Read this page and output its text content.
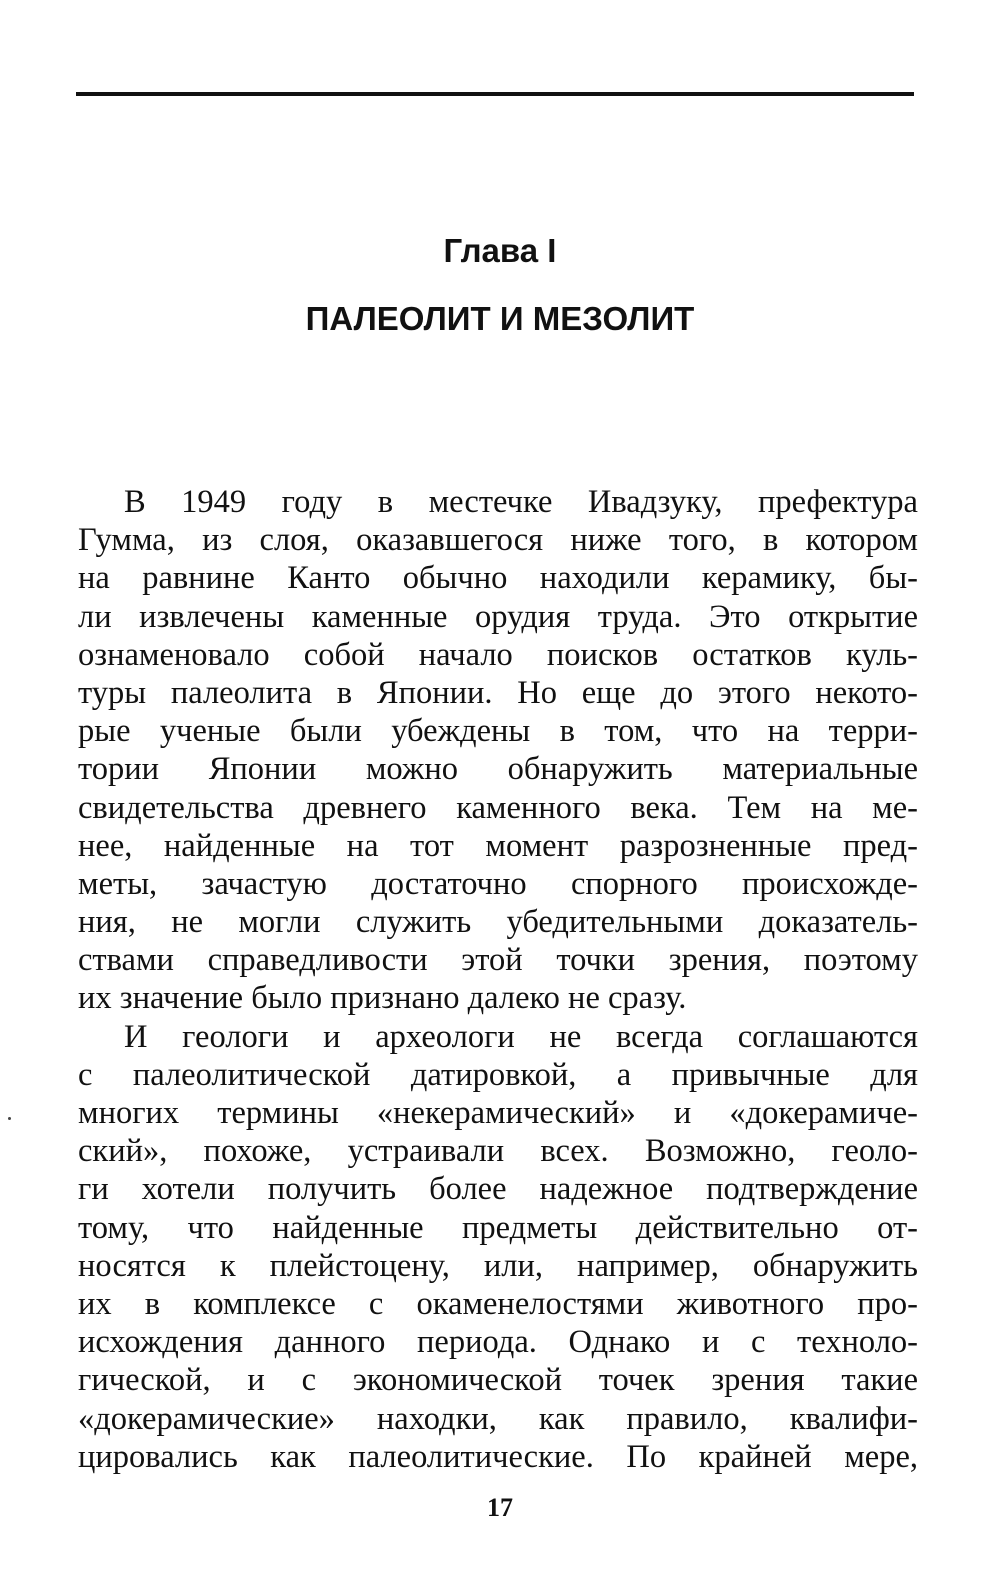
Глава I
ПАЛЕОЛИТ И МЕЗОЛИТ

В 1949 году в местечке Ивадзуку, префектура
Гумма, из слоя, оказавшегося ниже того, в котором
на равнине Канто обычно находили керамику, бы-
ли извлечены каменные орудия труда. Это открытие
ознаменовало собой начало поисков остатков куль-
туры палеолита в Японии. Но еще до этого некото-
рые ученые были убеждены в том, что на терри-
тории Японии можно обнаружить материальные
свидетельства древнего каменного века. Тем на ме-
нее, найденные на тот момент разрозненные пред-
меты, зачастую достаточно спорного происхожде-
ния, не могли служить убедительными доказатель-
ствами справедливости этой точки зрения, поэтому
их значение было признано далеко не сразу.

И геологи и археологи не всегда соглашаются
с палеолитической датировкой, а привычные для
многих термины «некерамический» и «докерамиче-
ский», похоже, устраивали всех. Возможно, геоло-
ги хотели получить более надежное подтверждение
тому, что найденные предметы действительно от-
носятся к плейстоцену, или, например, обнаружить
их в комплексе с окаменелостями животного про-
исхождения данного периода. Однако и с техноло-
гической, и с экономической точек зрения такие
«докерамические» находки, как правило, квалифи-
цировались как палеолитические. По крайней мере,

17
